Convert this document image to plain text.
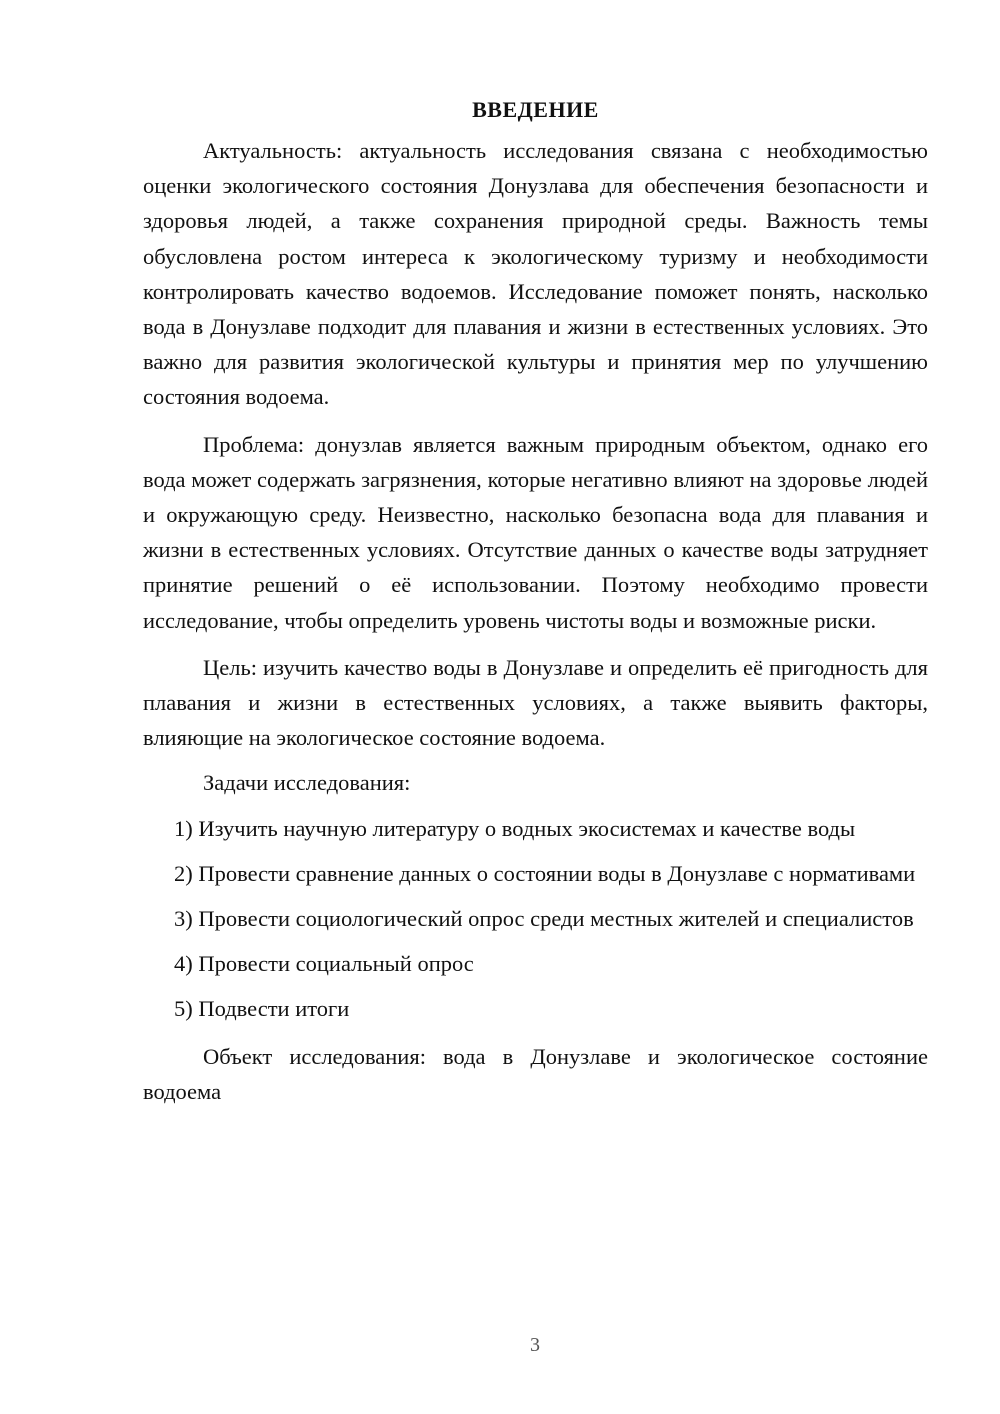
ВВЕДЕНИЕ

Актуальность: актуальность исследования связана с необходимостью оценки экологического состояния Донузлава для обеспечения безопасности и здоровья людей, а также сохранения природной среды. Важность темы обусловлена ростом интереса к экологическому туризму и необходимости контролировать качество водоемов. Исследование поможет понять, насколько вода в Донузлаве подходит для плавания и жизни в естественных условиях. Это важно для развития экологической культуры и принятия мер по улучшению состояния водоема.

Проблема: донузлав является важным природным объектом, однако его вода может содержать загрязнения, которые негативно влияют на здоровье людей и окружающую среду. Неизвестно, насколько безопасна вода для плавания и жизни в естественных условиях. Отсутствие данных о качестве воды затрудняет принятие решений о её использовании. Поэтому необходимо провести исследование, чтобы определить уровень чистоты воды и возможные риски.

Цель: изучить качество воды в Донузлаве и определить её пригодность для плавания и жизни в естественных условиях, а также выявить факторы, влияющие на экологическое состояние водоема.

Задачи исследования:

1) Изучить научную литературу о водных экосистемах и качестве воды

2) Провести сравнение данных о состоянии воды в Донузлаве с нормативами

3) Провести социологический опрос среди местных жителей и специалистов

4) Провести социальный опрос

5) Подвести итоги

Объект исследования: вода в Донузлаве и экологическое состояние водоема

3
